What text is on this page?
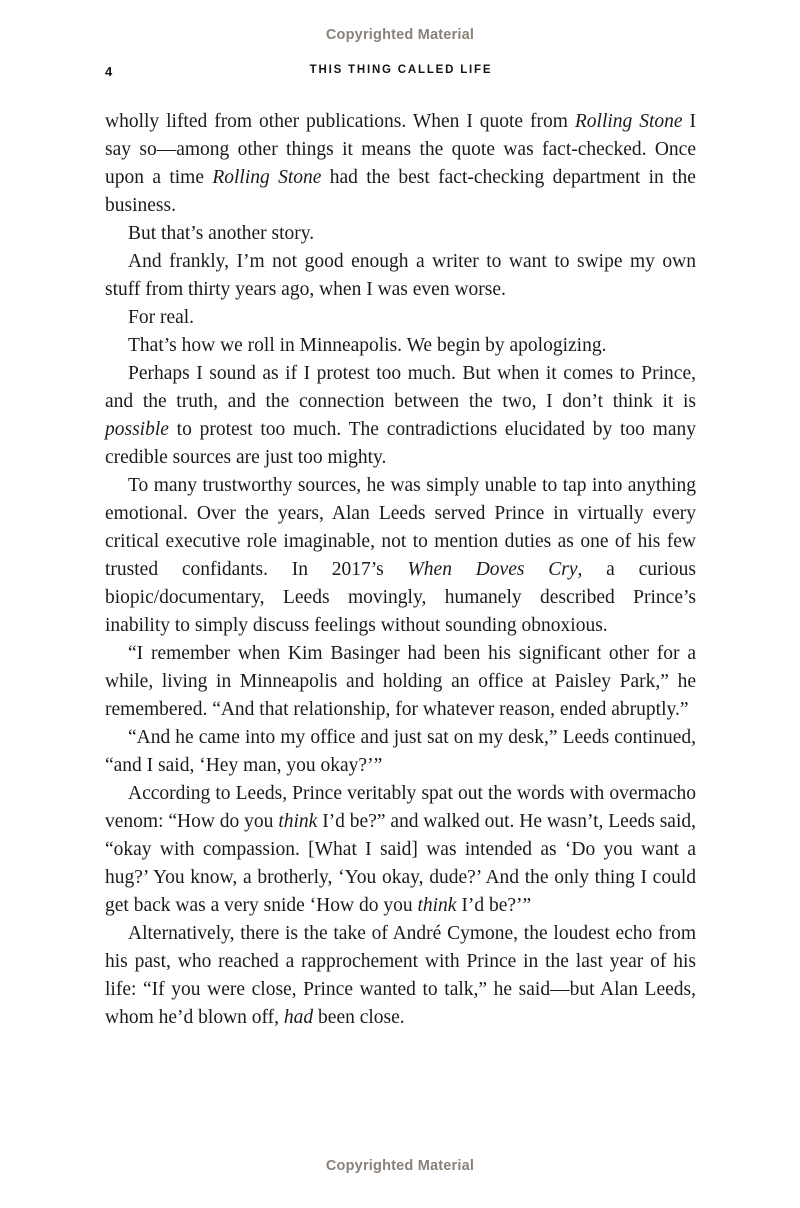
Copyrighted Material
4	THIS THING CALLED LIFE

wholly lifted from other publications. When I quote from Rolling Stone I say so—among other things it means the quote was fact-checked. Once upon a time Rolling Stone had the best fact-checking department in the business.

But that’s another story.

And frankly, I’m not good enough a writer to want to swipe my own stuff from thirty years ago, when I was even worse.

For real.

That’s how we roll in Minneapolis. We begin by apologizing.

Perhaps I sound as if I protest too much. But when it comes to Prince, and the truth, and the connection between the two, I don’t think it is possible to protest too much. The contradictions elucidated by too many credible sources are just too mighty.

To many trustworthy sources, he was simply unable to tap into anything emotional. Over the years, Alan Leeds served Prince in virtually every critical executive role imaginable, not to mention duties as one of his few trusted confidants. In 2017’s When Doves Cry, a curious biopic/documentary, Leeds movingly, humanely described Prince’s inability to simply discuss feelings without sounding obnoxious.

“I remember when Kim Basinger had been his significant other for a while, living in Minneapolis and holding an office at Paisley Park,” he remembered. “And that relationship, for whatever reason, ended abruptly.”

“And he came into my office and just sat on my desk,” Leeds continued, “and I said, ‘Hey man, you okay?’”

According to Leeds, Prince veritably spat out the words with overmacho venom: “How do you think I’d be?” and walked out. He wasn’t, Leeds said, “okay with compassion. [What I said] was intended as ‘Do you want a hug?’ You know, a brotherly, ‘You okay, dude?’ And the only thing I could get back was a very snide ‘How do you think I’d be?’”

Alternatively, there is the take of André Cymone, the loudest echo from his past, who reached a rapprochement with Prince in the last year of his life: “If you were close, Prince wanted to talk,” he said—but Alan Leeds, whom he’d blown off, had been close.

Copyrighted Material
